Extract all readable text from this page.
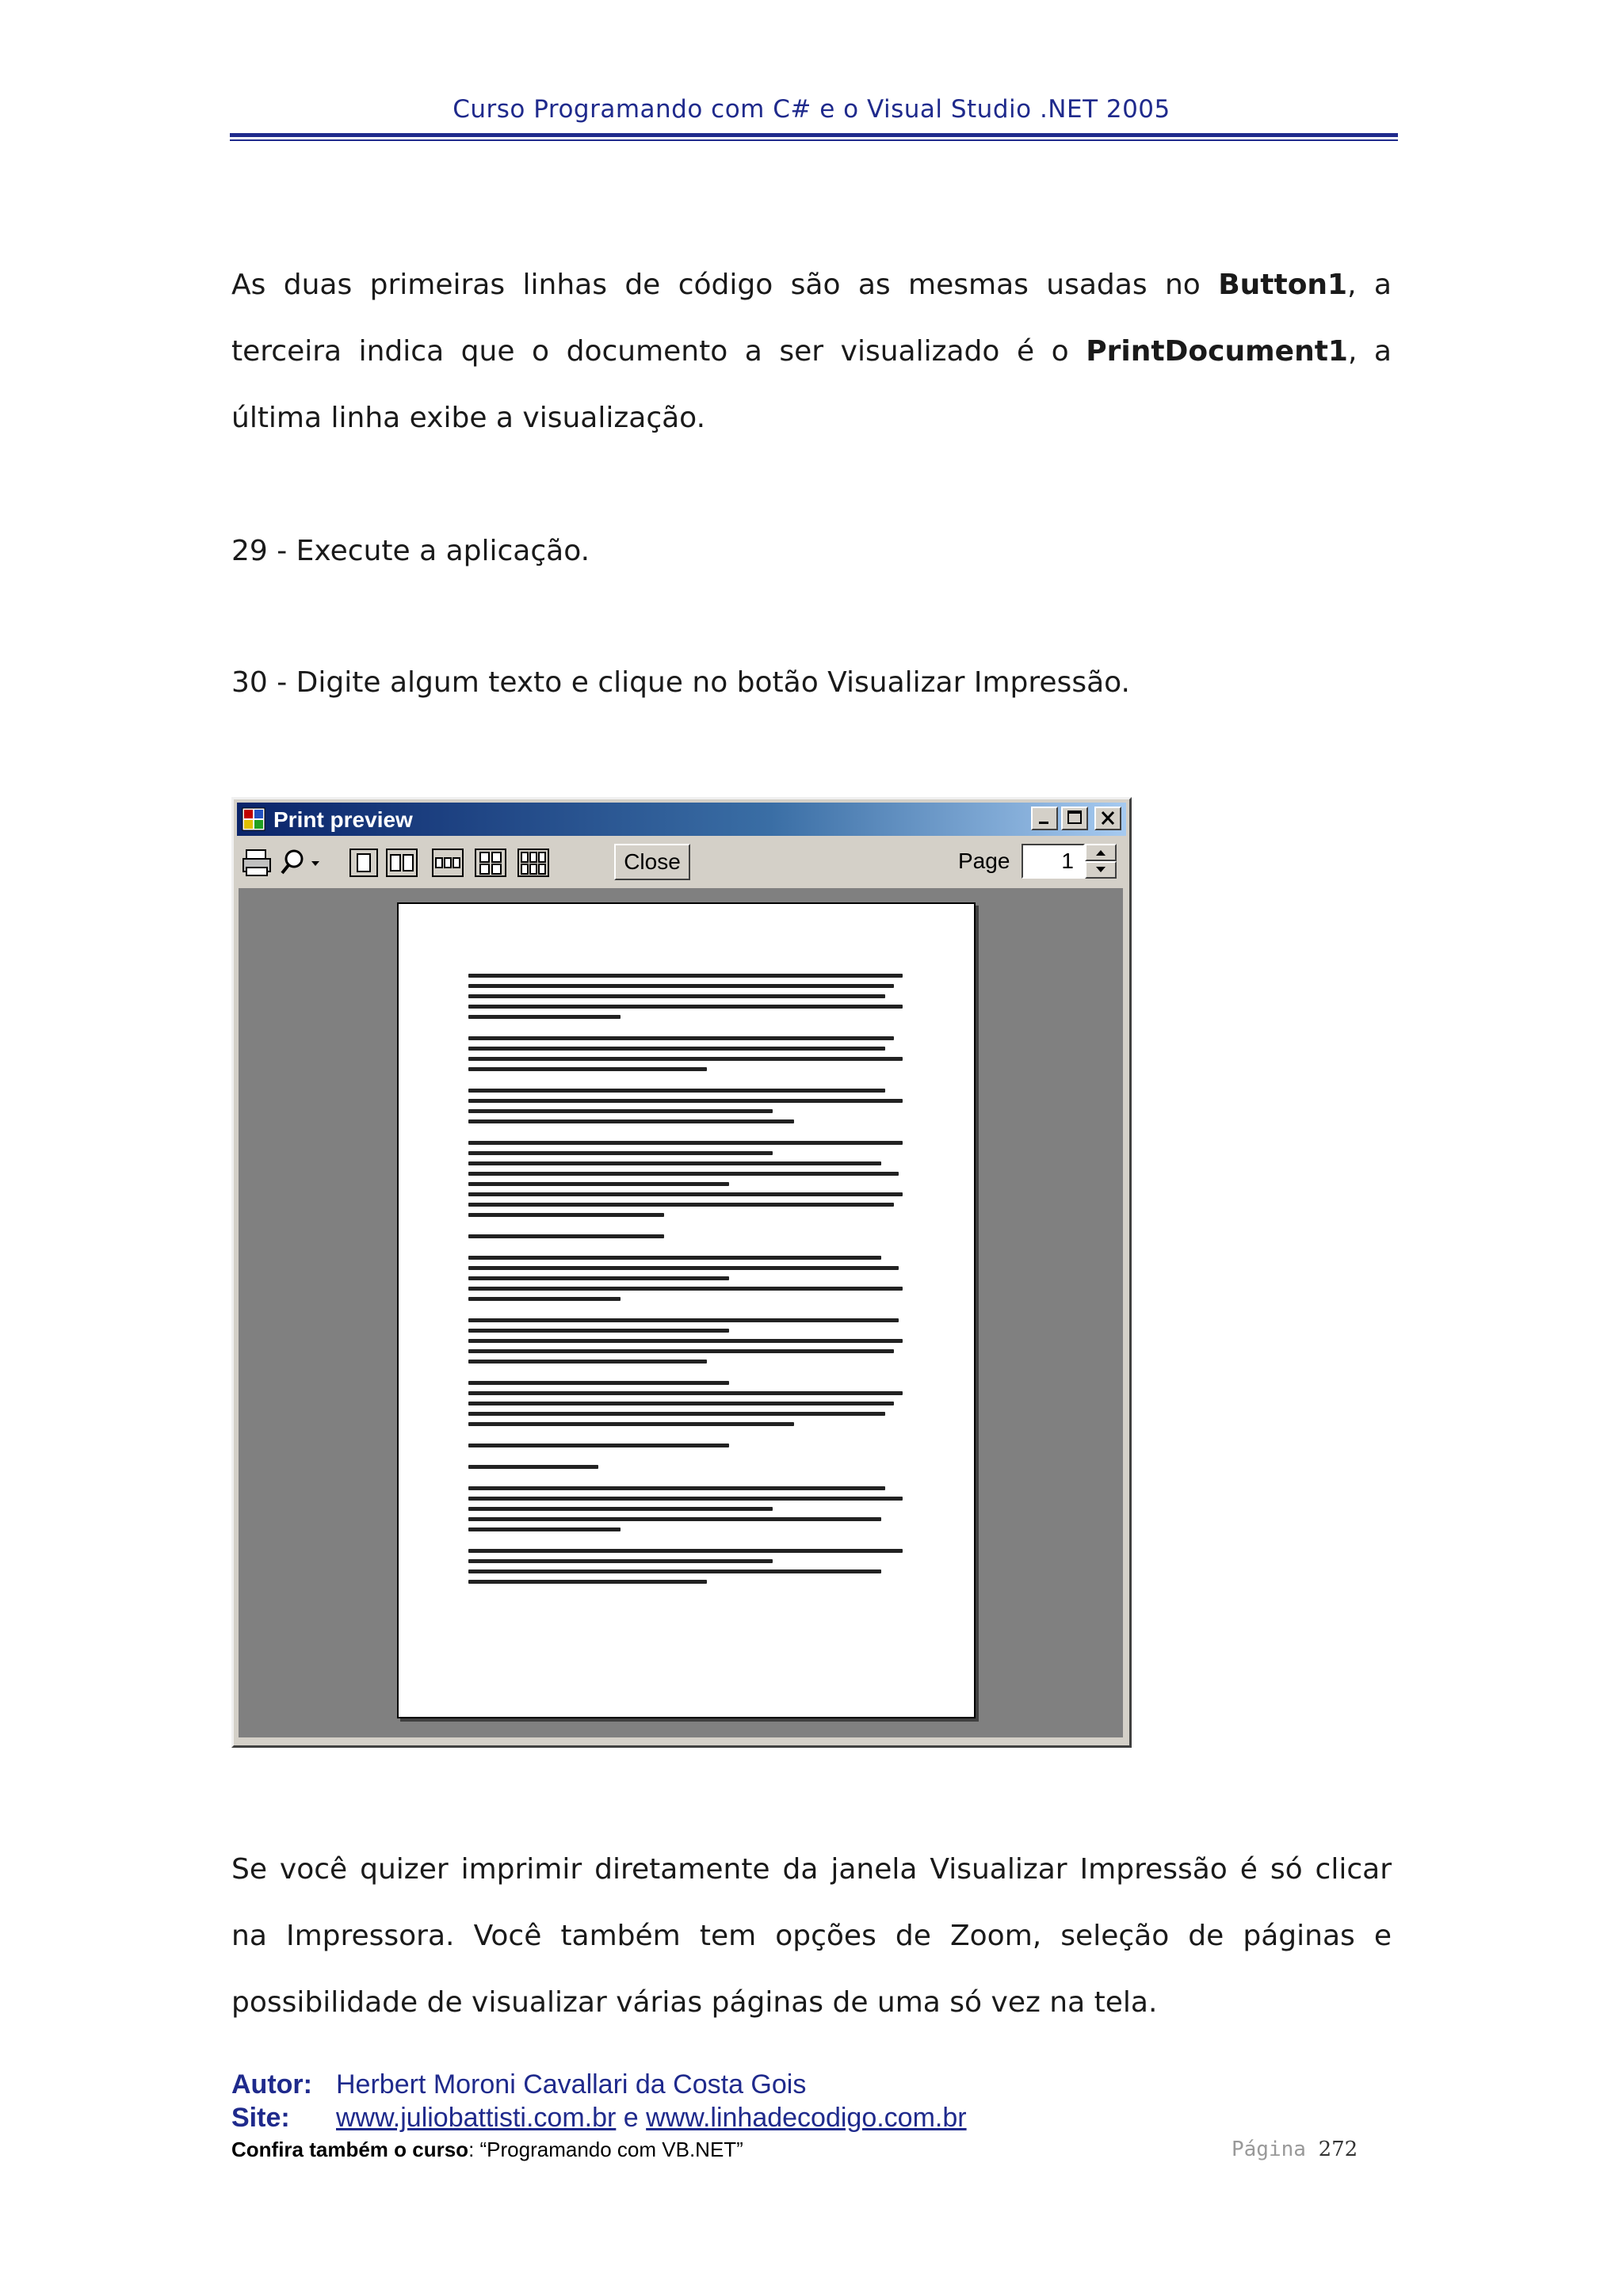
Curso Programando com C# e o Visual Studio .NET 2005
As duas primeiras linhas de código são as mesmas usadas no Button1, a terceira indica que o documento a ser visualizado é o PrintDocument1, a última linha exibe a visualização.
29 - Execute a aplicação.
30 - Digite algum texto e clique no botão Visualizar Impressão.
Print preview
Close	Page	1
Se você quizer imprimir diretamente da janela Visualizar Impressão é só clicar na Impressora. Você também tem opções de Zoom, seleção de páginas e possibilidade de visualizar várias páginas de uma só vez na tela.
Autor: Herbert Moroni Cavallari da Costa Gois
Site: www.juliobattisti.com.br e www.linhadecodigo.com.br
Confira também o curso: “Programando com VB.NET”	Página 272
